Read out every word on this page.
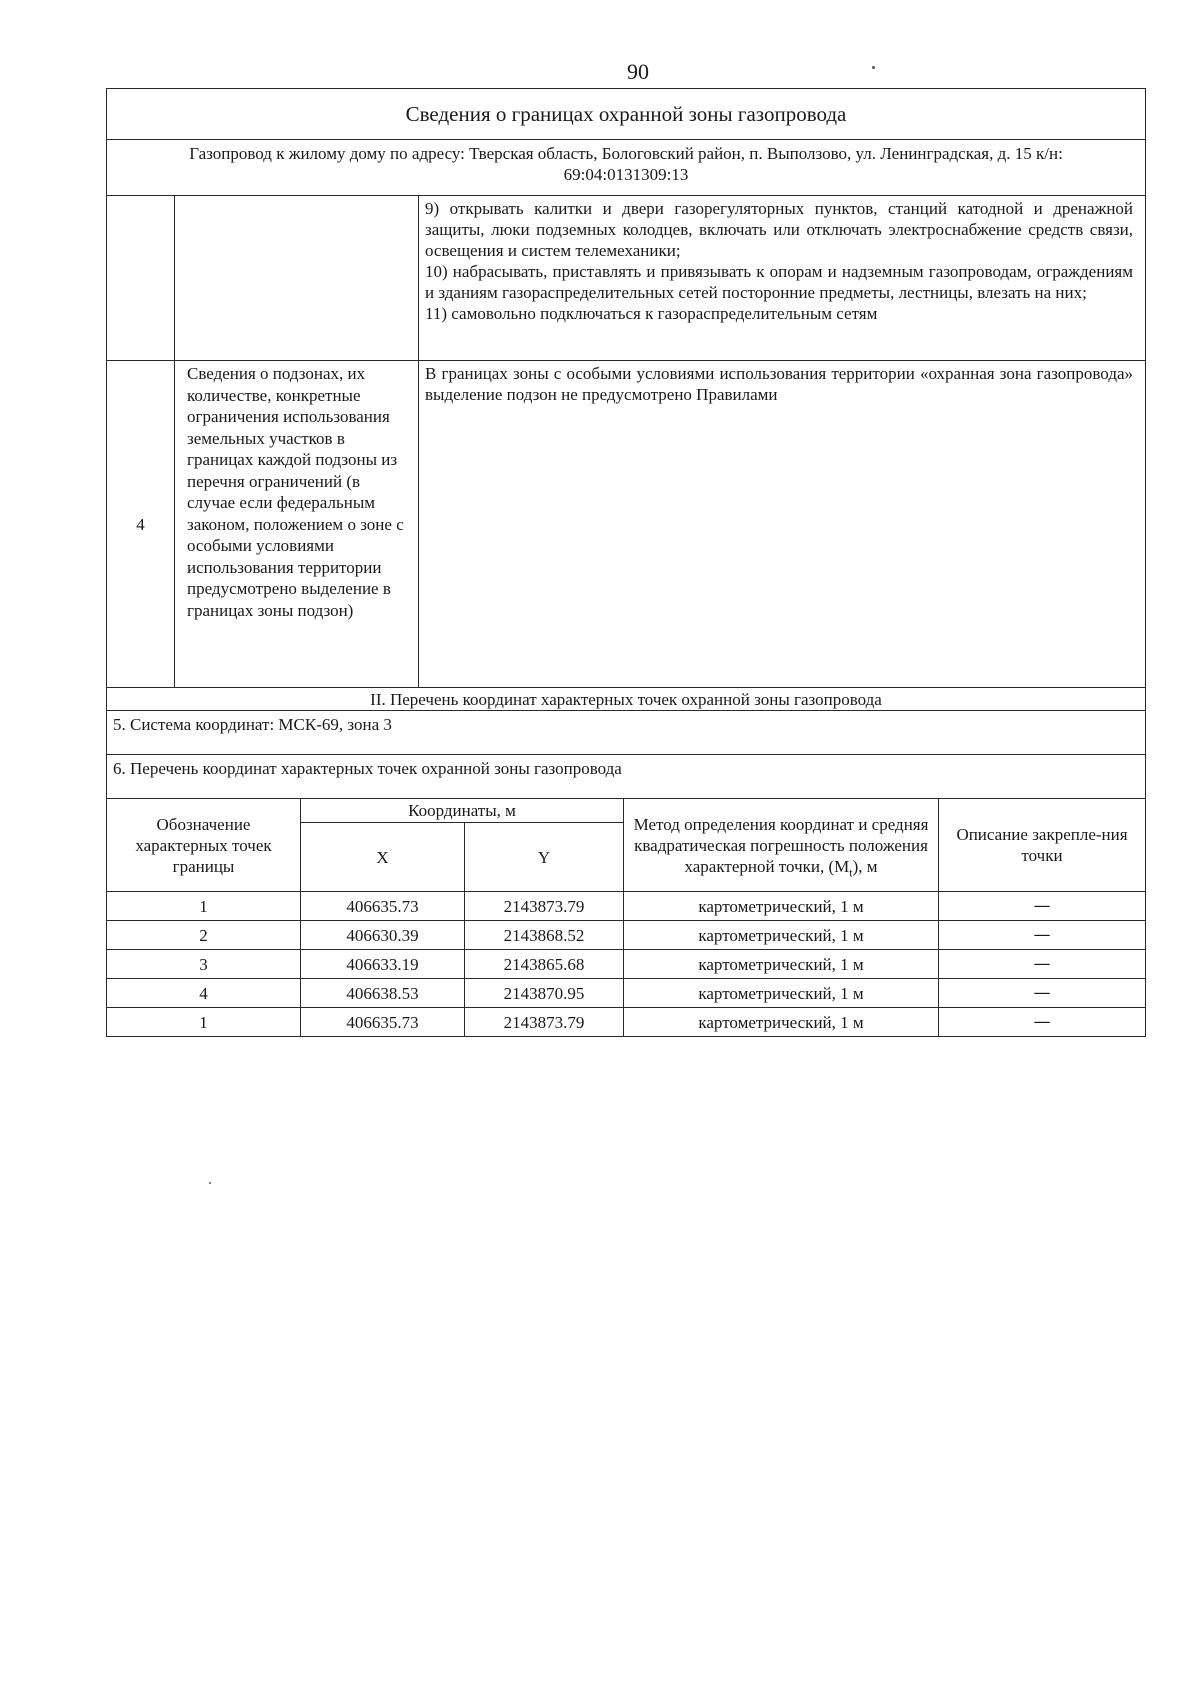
90
Сведения о границах охранной зоны газопровода		
Газопровод к жилому дому по адресу: Тверская область, Бологовский район, п. Выползово, ул. Ленинградская, д. 15 к/н: 69:04:0131309:13		

		9) открывать калитки и двери газорегуляторных пунктов, станций катодной и дренажной защиты, люки подземных колодцев, включать или отключать электроснабжение средств связи, освещения и систем телемеханики;
10) набрасывать, приставлять и привязывать к опорам и надземным газопроводам, ограждениям и зданиям газораспределительных сетей посторонние предметы, лестницы, влезать на них;
11) самовольно подключаться к газораспределительным сетям

4	Сведения о подзонах, их количестве, конкретные ограничения использования земельных участков в границах каждой подзоны из перечня ограничений (в случае если федеральным законом, положением о зоне с особыми условиями использования территории предусмотрено выделение в границах зоны подзон)	В границах зоны с особыми условиями использования территории «охранная зона газопровода» выделение подзон не предусмотрено Правилами
II. Перечень координат характерных точек охранной зоны газопровода		
5. Система координат: МСК-69, зона 3		
6. Перечень координат характерных точек охранной зоны газопровода		
Обозначение характерных точек границы	Координаты, м		Метод определения координат и средняя квадратическая погрешность положения характерной точки, $(M_t)$, м	Описание закрепле-ния точки
	X	Y		
1	406635.73	2143873.79	картометрический, 1 м	—
2	406630.39	2143868.52	картометрический, 1 м	—
3	406633.19	2143865.68	картометрический, 1 м	—
4	406638.53	2143870.95	картометрический, 1 м	—
1	406635.73	2143873.79	картометрический, 1 м	—
